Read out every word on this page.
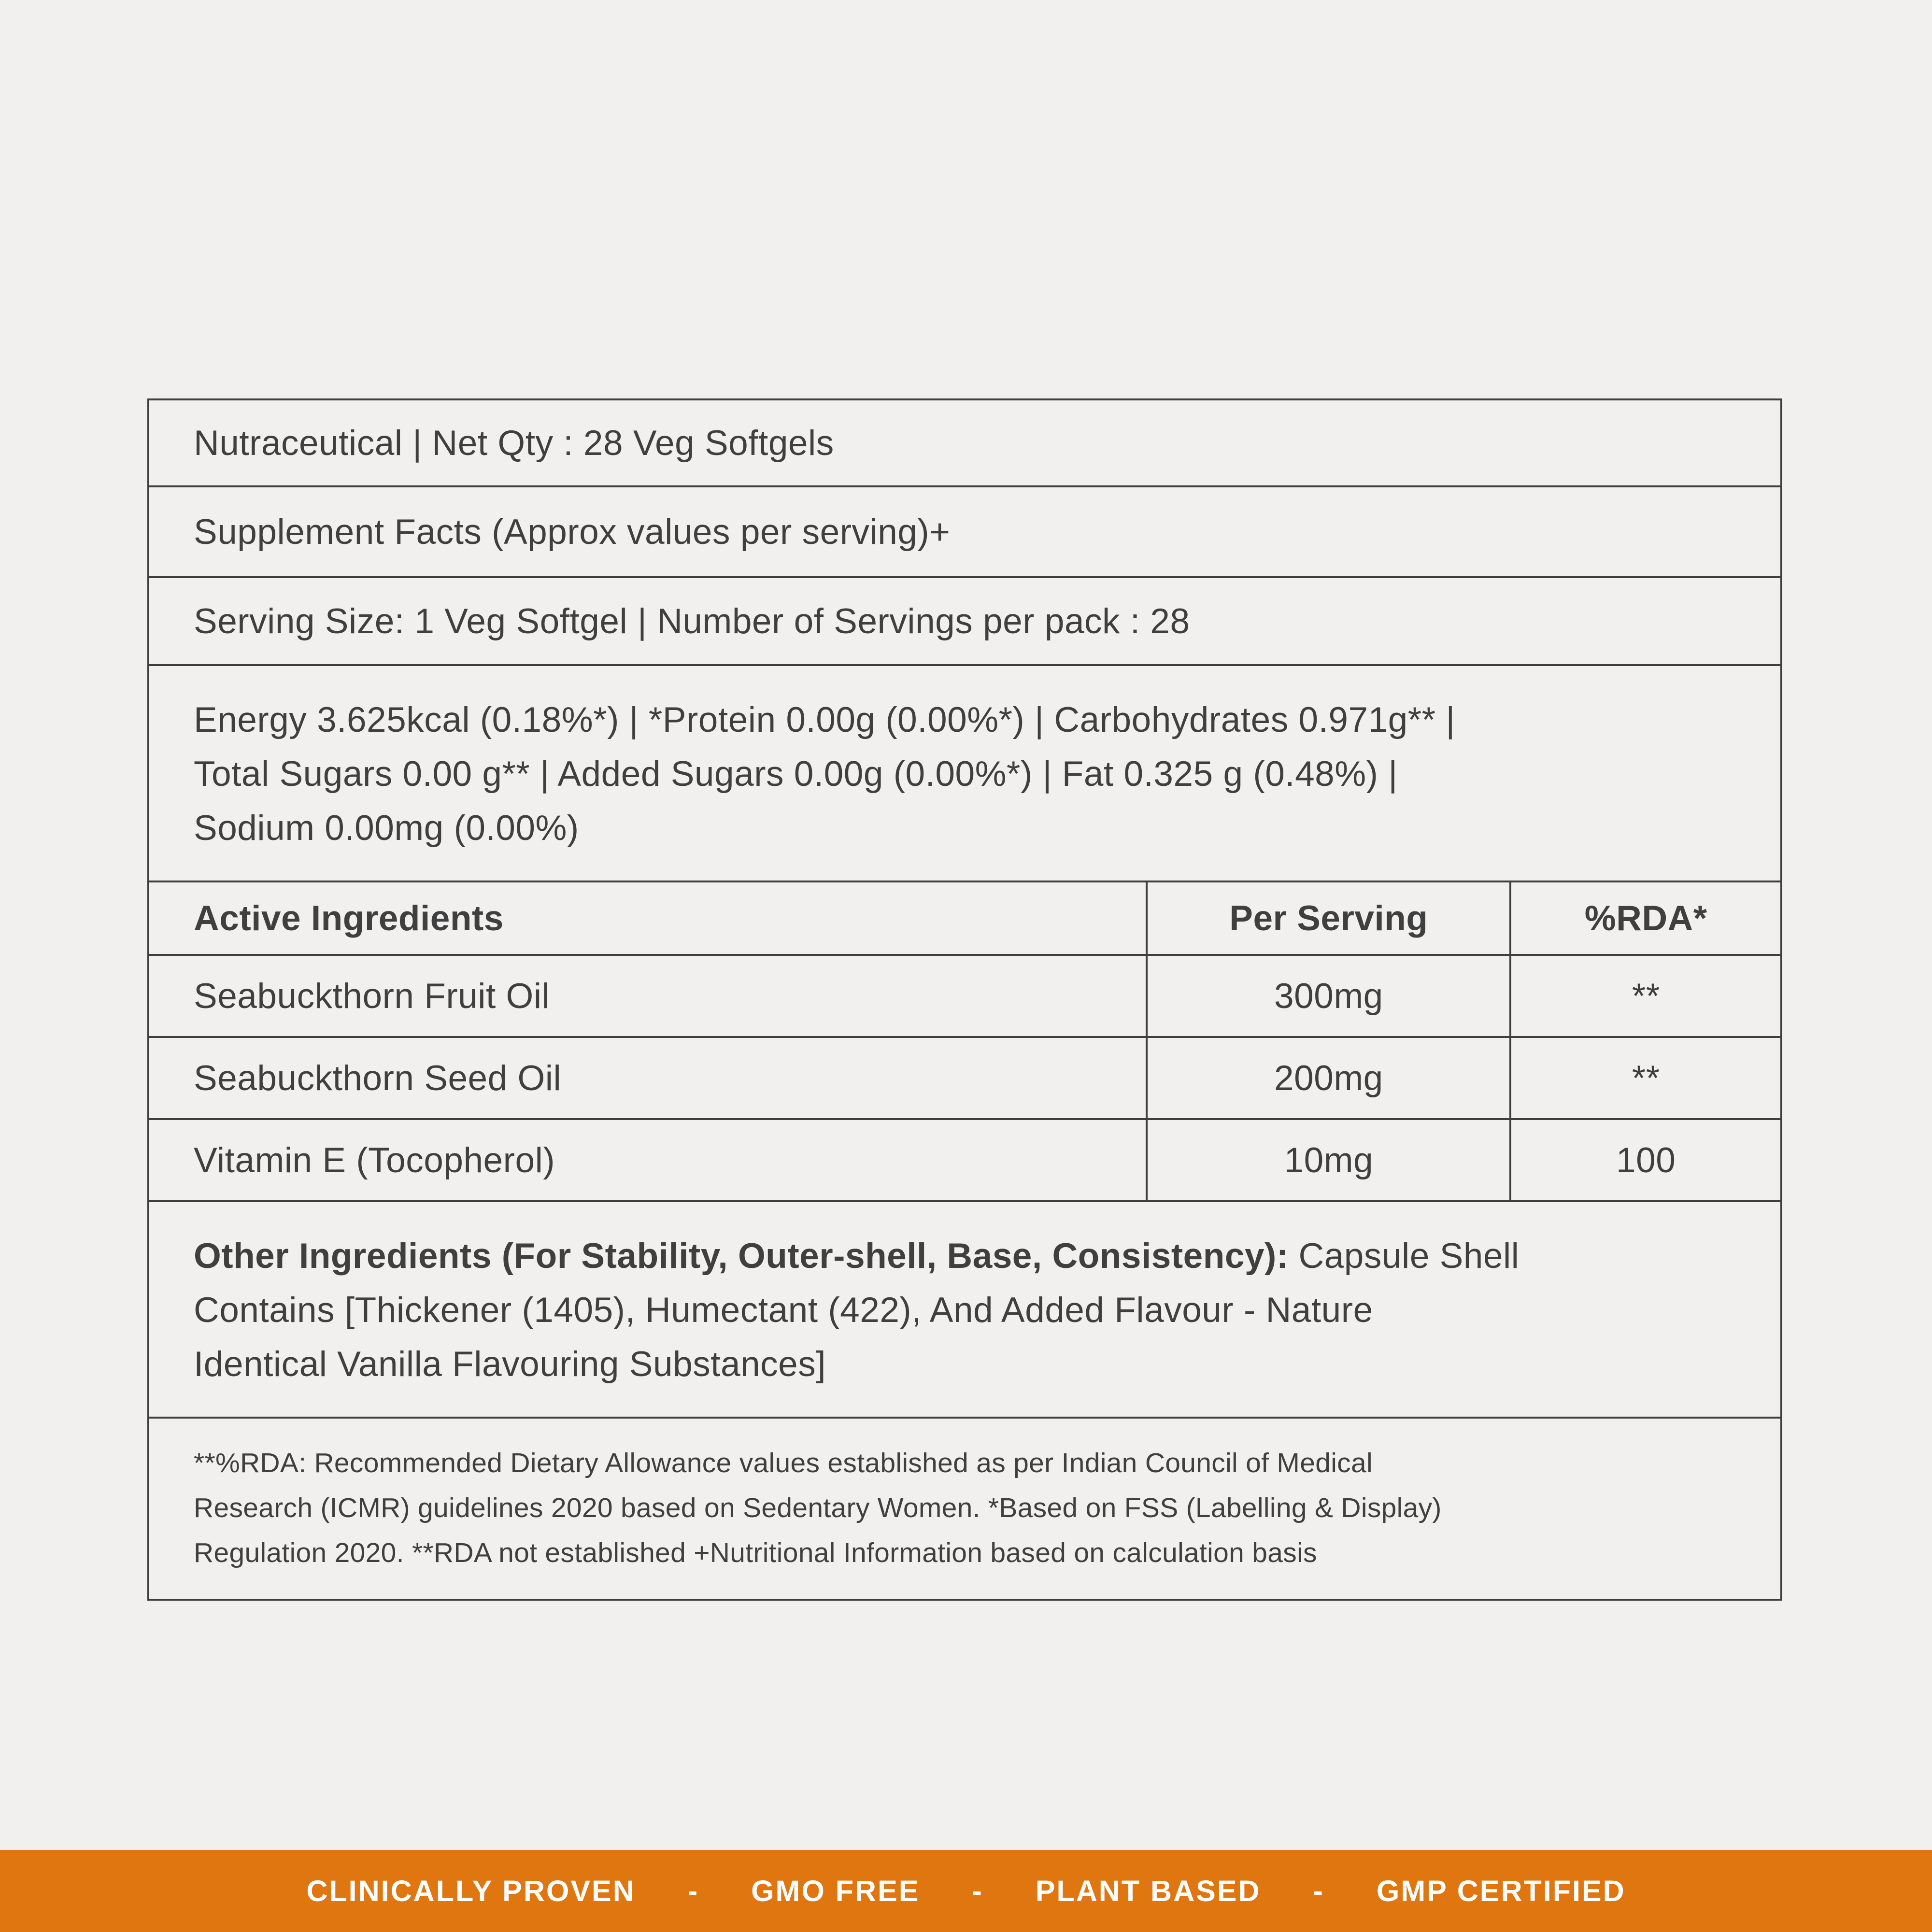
Nutraceutical | Net Qty : 28 Veg Softgels
Supplement Facts (Approx values per serving)+
Serving Size: 1 Veg Softgel | Number of Servings per pack : 28
Energy 3.625kcal (0.18%*) | *Protein 0.00g (0.00%*) | Carbohydrates 0.971g** |
Total Sugars 0.00 g** | Added Sugars 0.00g (0.00%*) | Fat 0.325 g (0.48%) |
Sodium 0.00mg (0.00%)
Active Ingredients	Per Serving	%RDA*
Seabuckthorn Fruit Oil	300mg	**
Seabuckthorn Seed Oil	200mg	**
Vitamin E (Tocopherol)	10mg	100
Other Ingredients (For Stability, Outer-shell, Base, Consistency): Capsule Shell
Contains [Thickener (1405), Humectant (422), And Added Flavour - Nature
Identical Vanilla Flavouring Substances]
**%RDA: Recommended Dietary Allowance values established as per Indian Council of Medical
Research (ICMR) guidelines 2020 based on Sedentary Women. *Based on FSS (Labelling & Display)
Regulation 2020. **RDA not established +Nutritional Information based on calculation basis
CLINICALLY PROVEN - GMO FREE - PLANT BASED - GMP CERTIFIED
